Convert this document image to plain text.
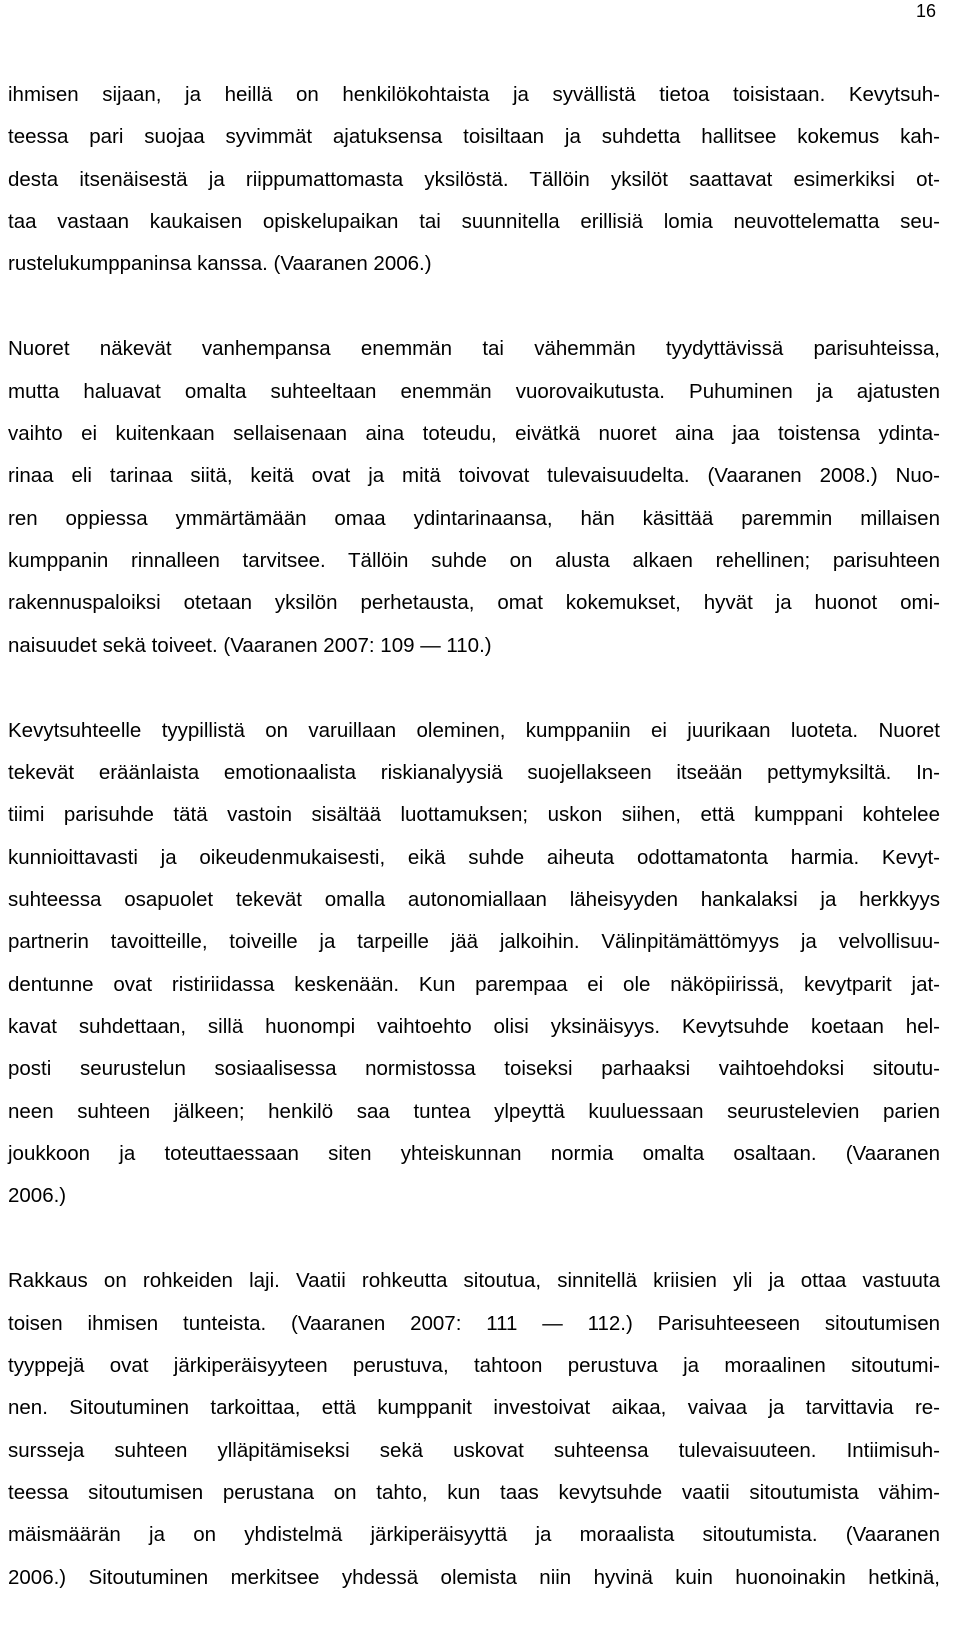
16
ihmisen sijaan, ja heillä on henkilökohtaista ja syvällistä tietoa toisistaan. Kevytsuh-
teessa pari suojaa syvimmät ajatuksensa toisiltaan ja suhdetta hallitsee kokemus kah-
desta itsenäisestä ja riippumattomasta yksilöstä. Tällöin yksilöt saattavat esimerkiksi ot-
taa vastaan kaukaisen opiskelupaikan tai suunnitella erillisiä lomia neuvottelematta seu-
rustelukumppaninsa kanssa. (Vaaranen 2006.)
Nuoret näkevät vanhempansa enemmän tai vähemmän tyydyttävissä parisuhteissa,
mutta haluavat omalta suhteeltaan enemmän vuorovaikutusta. Puhuminen ja ajatusten
vaihto ei kuitenkaan sellaisenaan aina toteudu, eivätkä nuoret aina jaa toistensa ydinta-
rinaa eli tarinaa siitä, keitä ovat ja mitä toivovat tulevaisuudelta. (Vaaranen 2008.) Nuo-
ren oppiessa ymmärtämään omaa ydintarinaansa, hän käsittää paremmin millaisen
kumppanin rinnalleen tarvitsee. Tällöin suhde on alusta alkaen rehellinen; parisuhteen
rakennuspaloiksi otetaan yksilön perhetausta, omat kokemukset, hyvät ja huonot omi-
naisuudet sekä toiveet. (Vaaranen 2007: 109 — 110.)
Kevytsuhteelle tyypillistä on varuillaan oleminen, kumppaniin ei juurikaan luoteta. Nuoret
tekevät eräänlaista emotionaalista riskianalyysiä suojellakseen itseään pettymyksiltä. In-
tiimi parisuhde tätä vastoin sisältää luottamuksen; uskon siihen, että kumppani kohtelee
kunnioittavasti ja oikeudenmukaisesti, eikä suhde aiheuta odottamatonta harmia. Kevyt-
suhteessa osapuolet tekevät omalla autonomiallaan läheisyyden hankalaksi ja herkkyys
partnerin tavoitteille, toiveille ja tarpeille jää jalkoihin. Välinpitämättömyys ja velvollisuu-
dentunne ovat ristiriidassa keskenään. Kun parempaa ei ole näköpiirissä, kevytparit jat-
kavat suhdettaan, sillä huonompi vaihtoehto olisi yksinäisyys. Kevytsuhde koetaan hel-
posti seurustelun sosiaalisessa normistossa toiseksi parhaaksi vaihtoehdoksi sitoutu-
neen suhteen jälkeen; henkilö saa tuntea ylpeyttä kuuluessaan seurustelevien parien
joukkoon ja toteuttaessaan siten yhteiskunnan normia omalta osaltaan. (Vaaranen
2006.)
Rakkaus on rohkeiden laji. Vaatii rohkeutta sitoutua, sinnitellä kriisien yli ja ottaa vastuuta
toisen ihmisen tunteista. (Vaaranen 2007: 111 — 112.) Parisuhteeseen sitoutumisen
tyyppejä ovat järkiperäisyyteen perustuva, tahtoon perustuva ja moraalinen sitoutumi-
nen. Sitoutuminen tarkoittaa, että kumppanit investoivat aikaa, vaivaa ja tarvittavia re-
sursseja suhteen ylläpitämiseksi sekä uskovat suhteensa tulevaisuuteen. Intiimisuh-
teessa sitoutumisen perustana on tahto, kun taas kevytsuhde vaatii sitoutumista vähim-
mäismäärän ja on yhdistelmä järkiperäisyyttä ja moraalista sitoutumista. (Vaaranen
2006.) Sitoutuminen merkitsee yhdessä olemista niin hyvinä kuin huonoinakin hetkinä,
